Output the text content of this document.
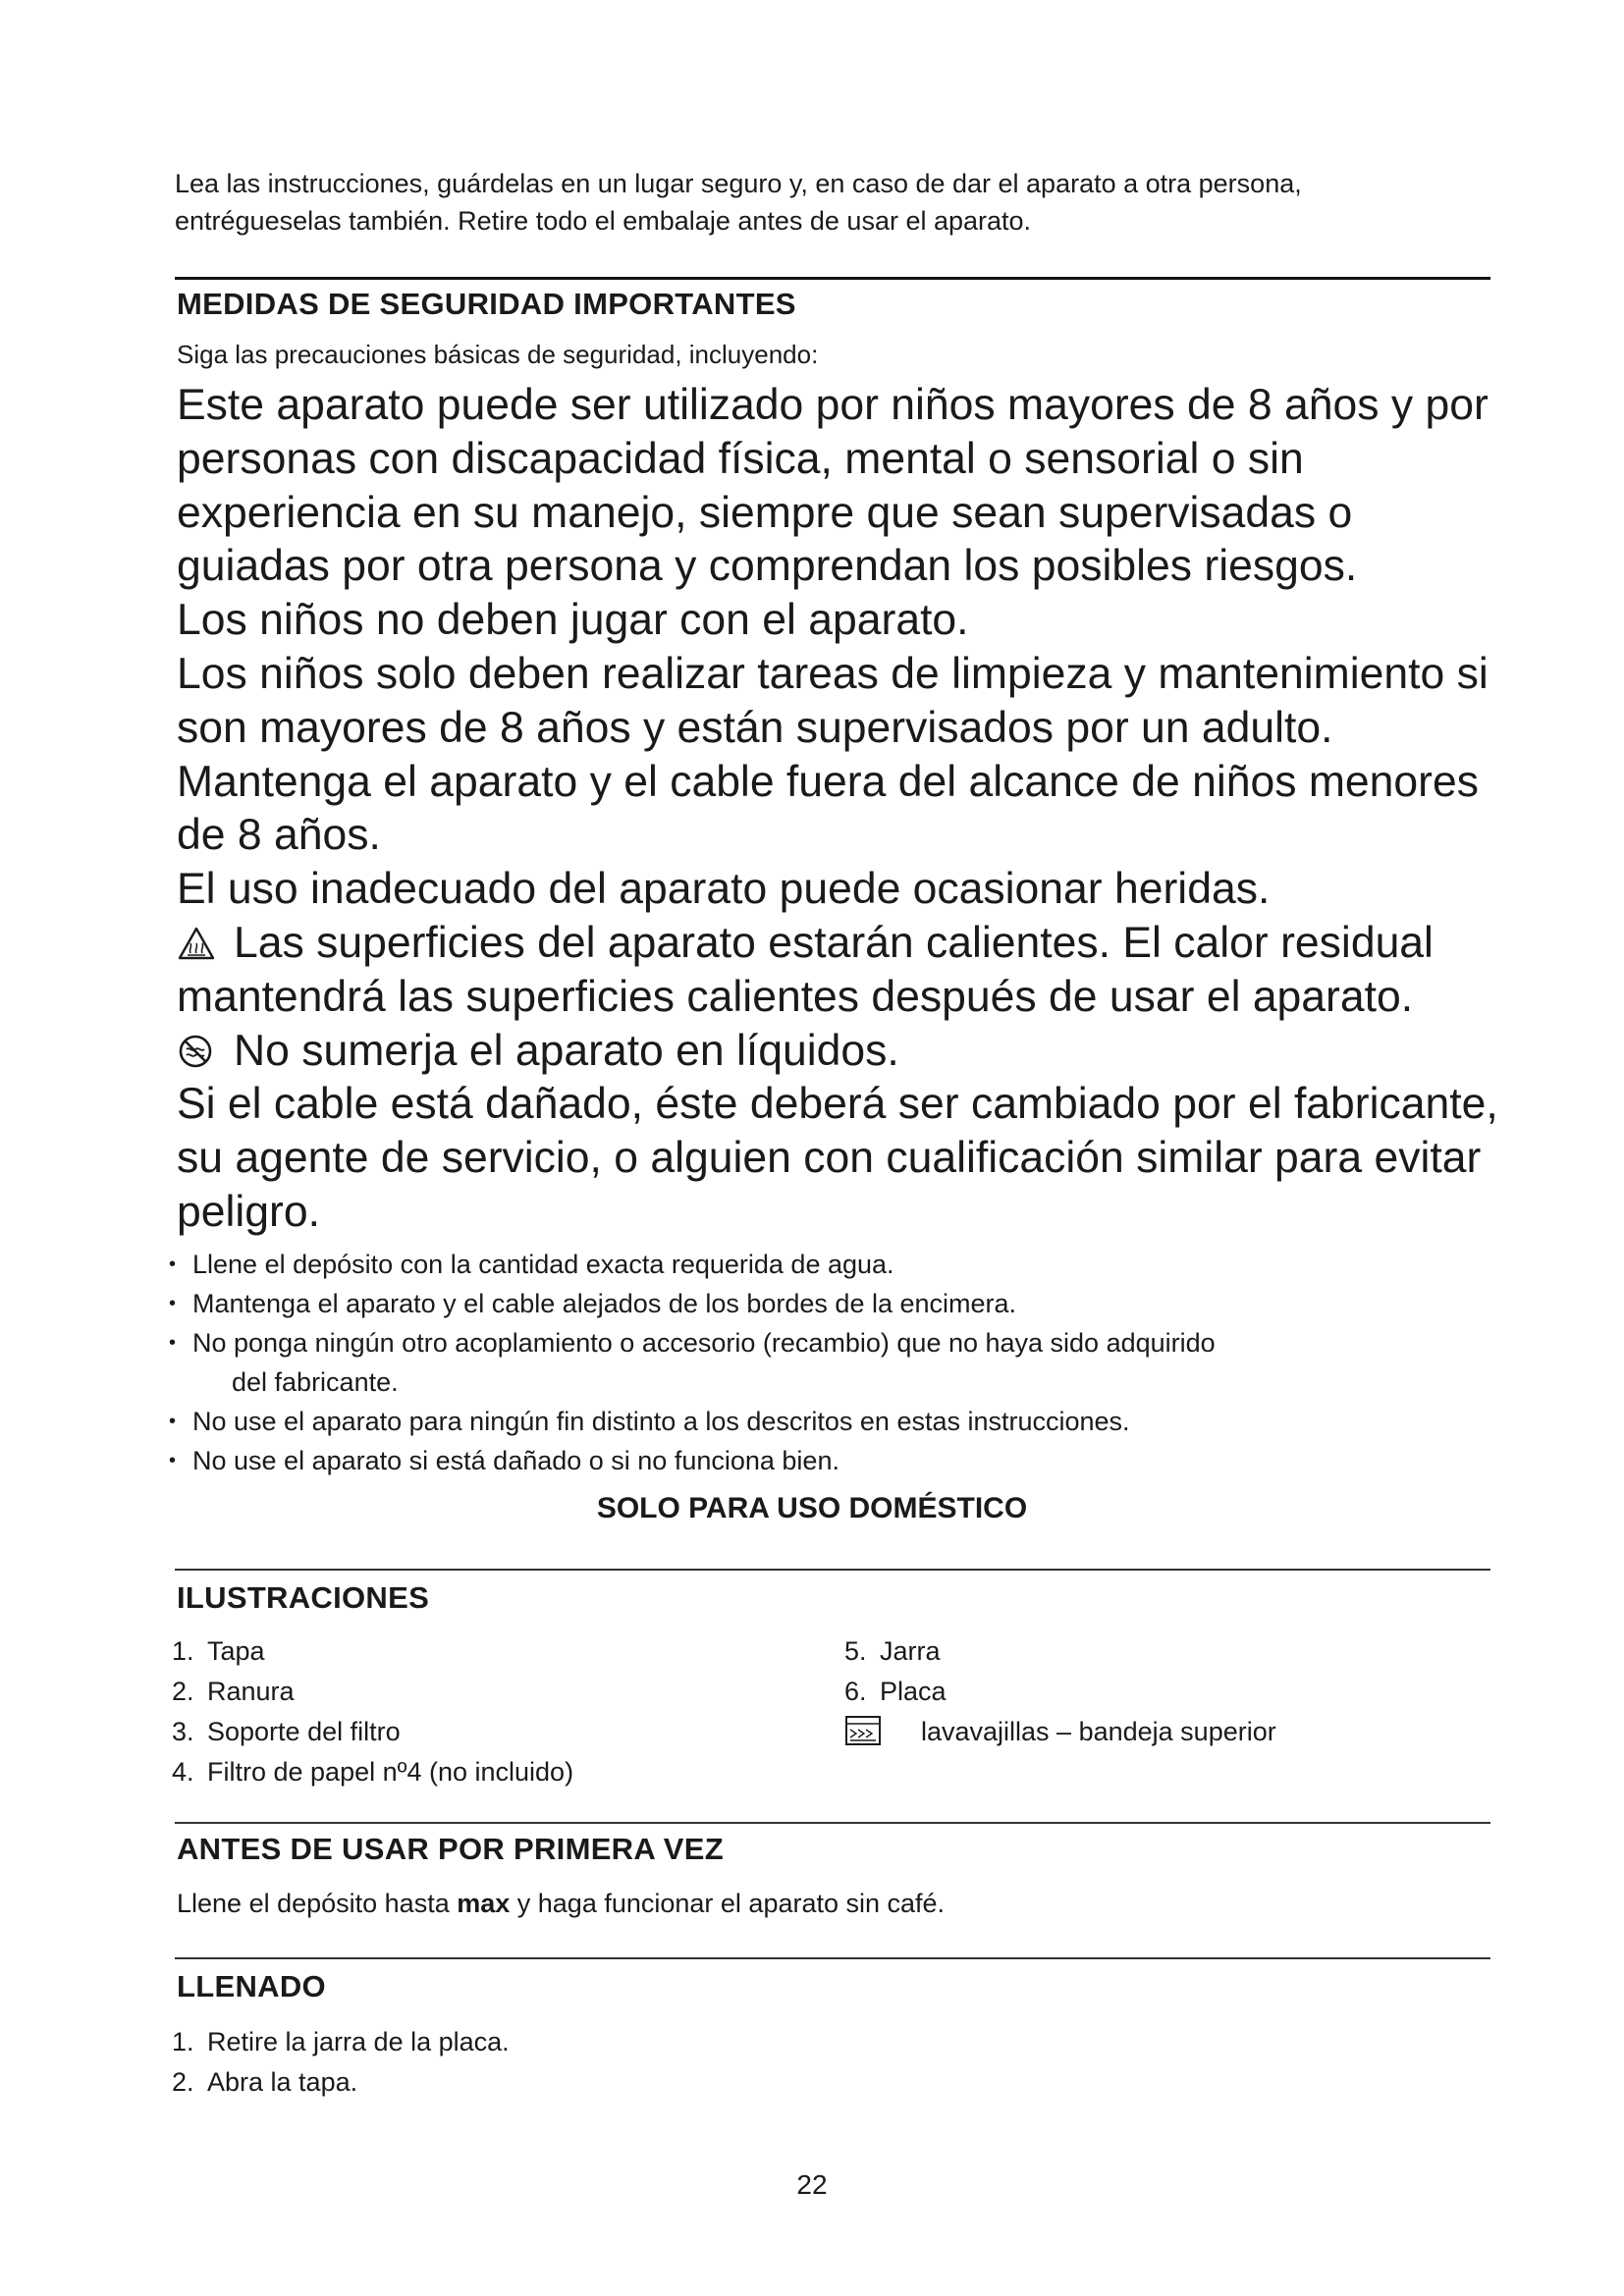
Lea las instrucciones, guárdelas en un lugar seguro y, en caso de dar el aparato a otra persona,
entrégueselas también. Retire todo el embalaje antes de usar el aparato.
MEDIDAS DE SEGURIDAD IMPORTANTES
Siga las precauciones básicas de seguridad, incluyendo:

Este aparato puede ser utilizado por niños mayores de 8 años y por

personas con discapacidad física, mental o sensorial o sin

experiencia en su manejo, siempre que sean supervisadas o

guiadas por otra persona y comprendan los posibles riesgos.

Los niños no deben jugar con el aparato.

Los niños solo deben realizar tareas de limpieza y mantenimiento si

son mayores de 8 años y están supervisados por un adulto.

Mantenga el aparato y el cable fuera del alcance de niños menores

de 8 años.

El uso inadecuado del aparato puede ocasionar heridas.

Las superficies del aparato estarán calientes. El calor residual

mantendrá las superficies calientes después de usar el aparato.

No sumerja el aparato en líquidos.

Si el cable está dañado, éste deberá ser cambiado por el fabricante,

su agente de servicio, o alguien con cualificación similar para evitar

peligro.

• Llene el depósito con la cantidad exacta requerida de agua.
• Mantenga el aparato y el cable alejados de los bordes de la encimera.
• No ponga ningún otro acoplamiento o accesorio (recambio) que no haya sido adquirido
del fabricante.
• No use el aparato para ningún fin distinto a los descritos en estas instrucciones.
• No use el aparato si está dañado o si no funciona bien.
SOLO PARA USO DOMÉSTICO
ILUSTRACIONES
1. Tapa
2. Ranura
3. Soporte del filtro
4. Filtro de papel nº4 (no incluido)
5. Jarra
6. Placa
lavavajillas – bandeja superior
ANTES DE USAR POR PRIMERA VEZ
Llene el depósito hasta max y haga funcionar el aparato sin café.
LLENADO
1. Retire la jarra de la placa.
2. Abra la tapa.
22
